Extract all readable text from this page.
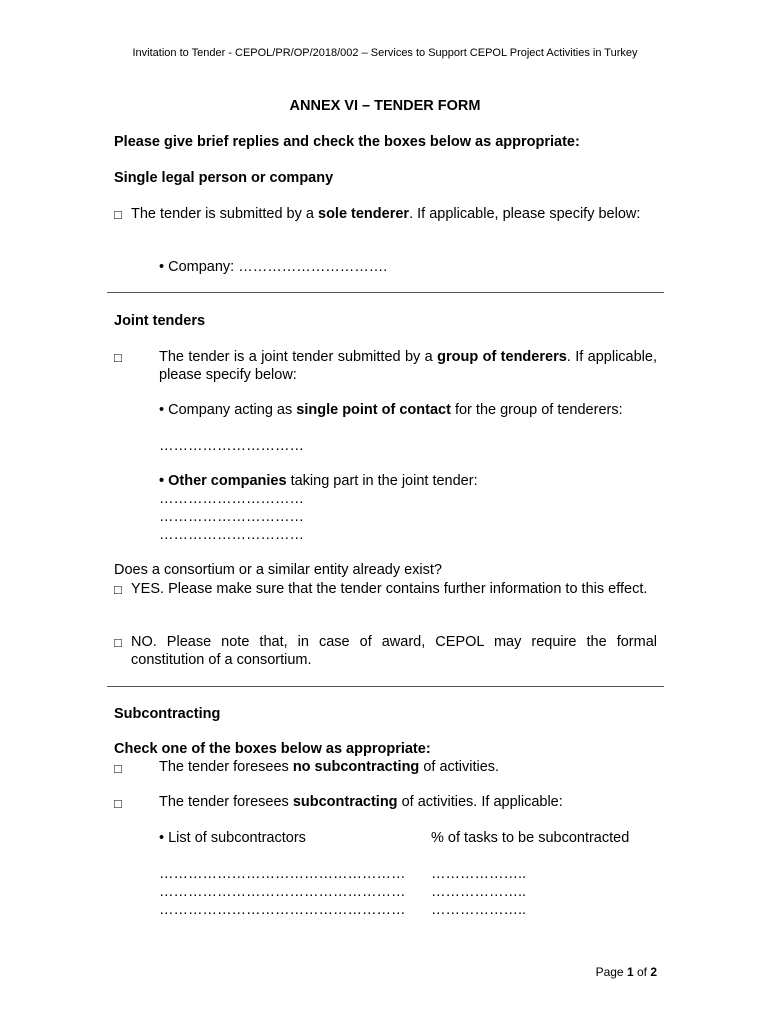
Invitation to Tender - CEPOL/PR/OP/2018/002 – Services to Support CEPOL Project Activities in Turkey
ANNEX VI – TENDER FORM
Please give brief replies and check the boxes below as appropriate:
Single legal person or company
□ The tender is submitted by a sole tenderer. If applicable, please specify below:
• Company: ………………………….
Joint tenders
□	The tender is a joint tender submitted by a group of tenderers. If applicable, please specify below:
• Company acting as single point of contact for the group of tenderers:
…………………………
• Other companies taking part in the joint tender:
…………………………
…………………………
…………………………
Does a consortium or a similar entity already exist?
□ YES. Please make sure that the tender contains further information to this effect.
□ NO. Please note that, in case of award, CEPOL may require the formal constitution of a consortium.
Subcontracting
Check one of the boxes below as appropriate:
□	The tender foresees no subcontracting of activities.
□	The tender foresees subcontracting of activities. If applicable:
• List of subcontractors	% of tasks to be subcontracted
…………………………………………… ………………..
…………………………………………… ………………..
…………………………………………… ………………..
Page 1 of 2
